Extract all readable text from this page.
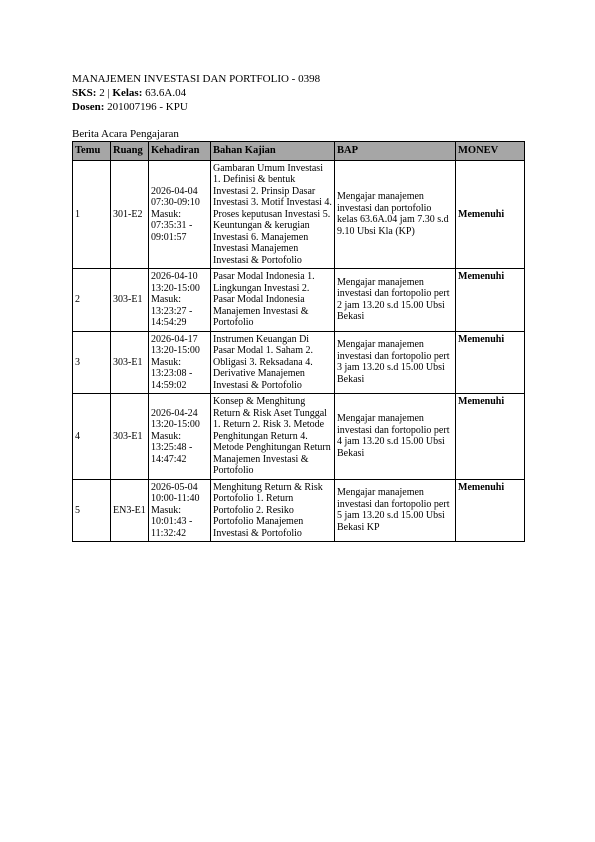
MANAJEMEN INVESTASI DAN PORTFOLIO - 0398
SKS: 2 | Kelas: 63.6A.04
Dosen: 201007196 - KPU
Berita Acara Pengajaran
Temu	Ruang	Kehadiran	Bahan Kajian	BAP	MONEV
1	301-E2	2026-04-04 07:30-09:10 Masuk: 07:35:31 - 09:01:57	Gambaran Umum Investasi 1. Definisi & bentuk Investasi 2. Prinsip Dasar Investasi 3. Motif Investasi 4. Proses keputusan Investasi 5. Keuntungan & kerugian Investasi 6. Manajemen Investasi Manajemen Investasi & Portofolio	Mengajar manajemen investasi dan portofolio kelas 63.6A.04 jam 7.30 s.d 9.10 Ubsi Kla (KP)	Memenuhi
2	303-E1	2026-04-10 13:20-15:00 Masuk: 13:23:27 - 14:54:29	Pasar Modal Indonesia 1. Lingkungan Investasi 2. Pasar Modal Indonesia Manajemen Investasi & Portofolio	Mengajar manajemen investasi dan fortopolio pert 2 jam 13.20 s.d 15.00 Ubsi Bekasi	Memenuhi
3	303-E1	2026-04-17 13:20-15:00 Masuk: 13:23:08 - 14:59:02	Instrumen Keuangan Di Pasar Modal 1. Saham 2. Obligasi 3. Reksadana 4. Derivative Manajemen Investasi & Portofolio	Mengajar manajemen investasi dan fortopolio pert 3 jam 13.20 s.d 15.00 Ubsi Bekasi	Memenuhi
4	303-E1	2026-04-24 13:20-15:00 Masuk: 13:25:48 - 14:47:42	Konsep & Menghitung Return & Risk Aset Tunggal 1. Return 2. Risk 3. Metode Penghitungan Return 4. Metode Penghitungan Return Manajemen Investasi & Portofolio	Mengajar manajemen investasi dan fortopolio pert 4 jam 13.20 s.d 15.00 Ubsi Bekasi	Memenuhi
5	EN3-E1	2026-05-04 10:00-11:40 Masuk: 10:01:43 - 11:32:42	Menghitung Return & Risk Portofolio 1. Return Portofolio 2. Resiko Portofolio Manajemen Investasi & Portofolio	Mengajar manajemen investasi dan fortopolio pert 5 jam 13.20 s.d 15.00 Ubsi Bekasi KP	Memenuhi
